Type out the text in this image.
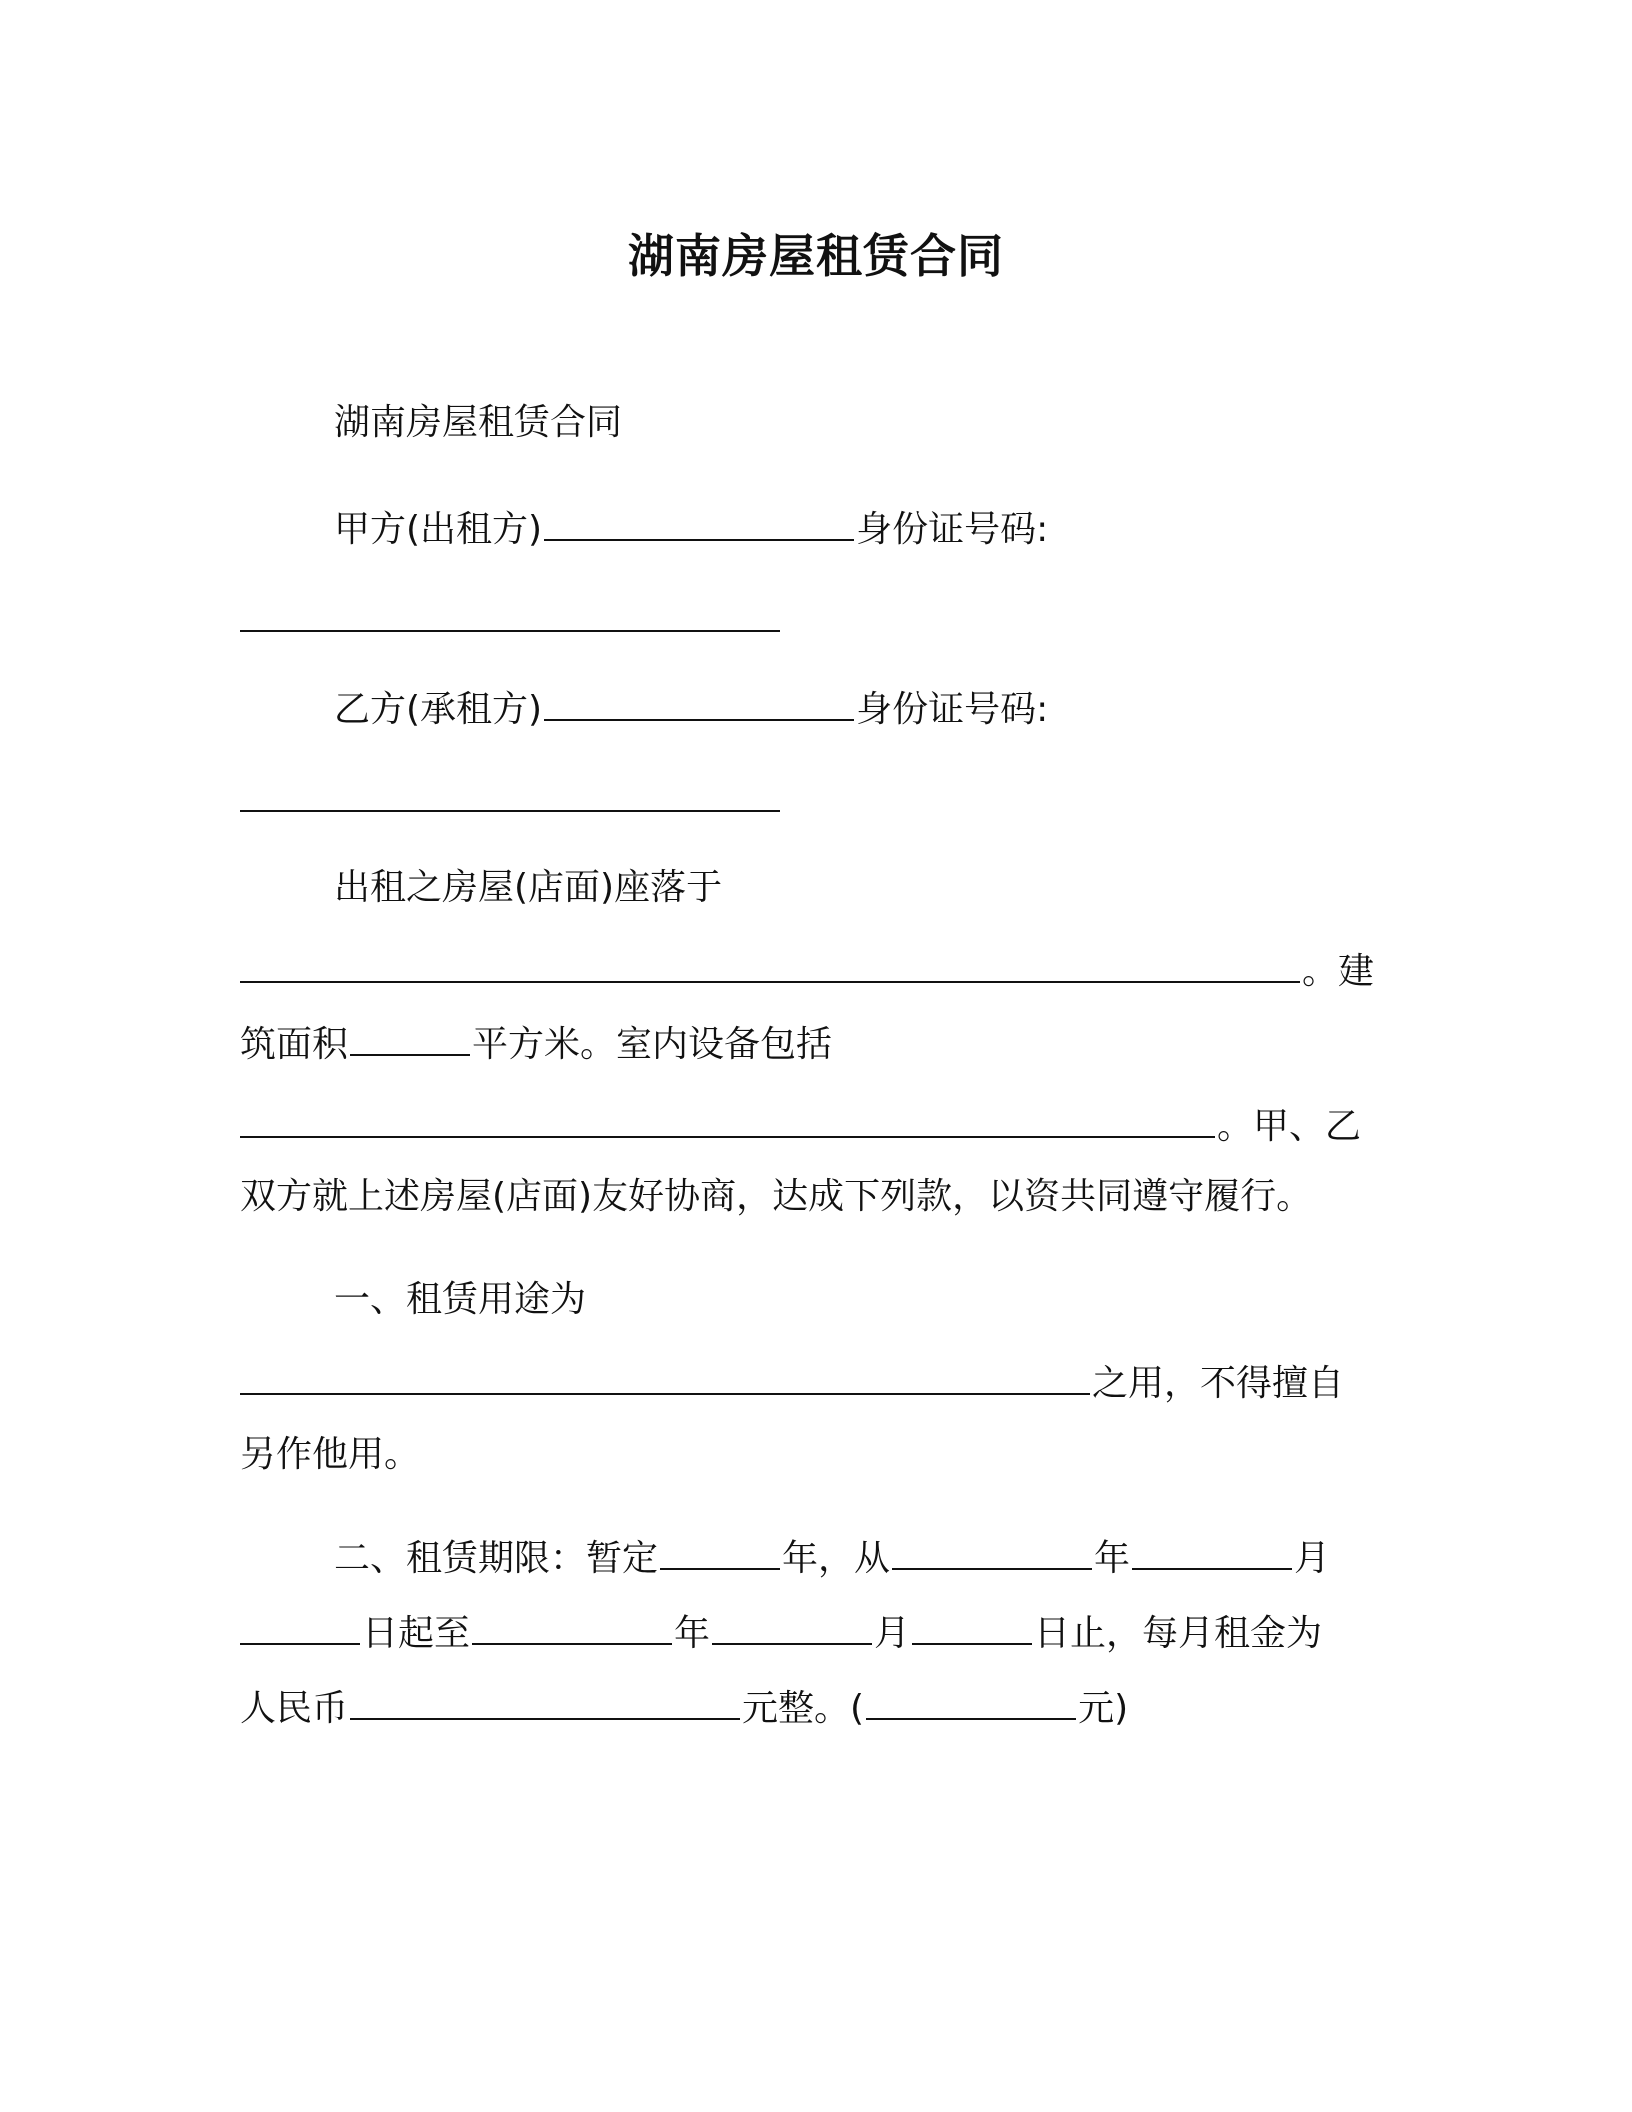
湖南房屋租赁合同

湖南房屋租赁合同

甲方(出租方)	身份证号码:

乙方(承租方)	身份证号码:

出租之房屋(店面)座落于

。建

筑面积	平方米。室内设备包括

。甲、乙

双方就上述房屋(店面)友好协商，达成下列款，以资共同遵守履行。

一、租赁用途为

之用，不得擅自

另作他用。

二、租赁期限：暂定	年，从	年	月

日起至	年	月	日止，每月租金为

人民币	元整。(	元)
